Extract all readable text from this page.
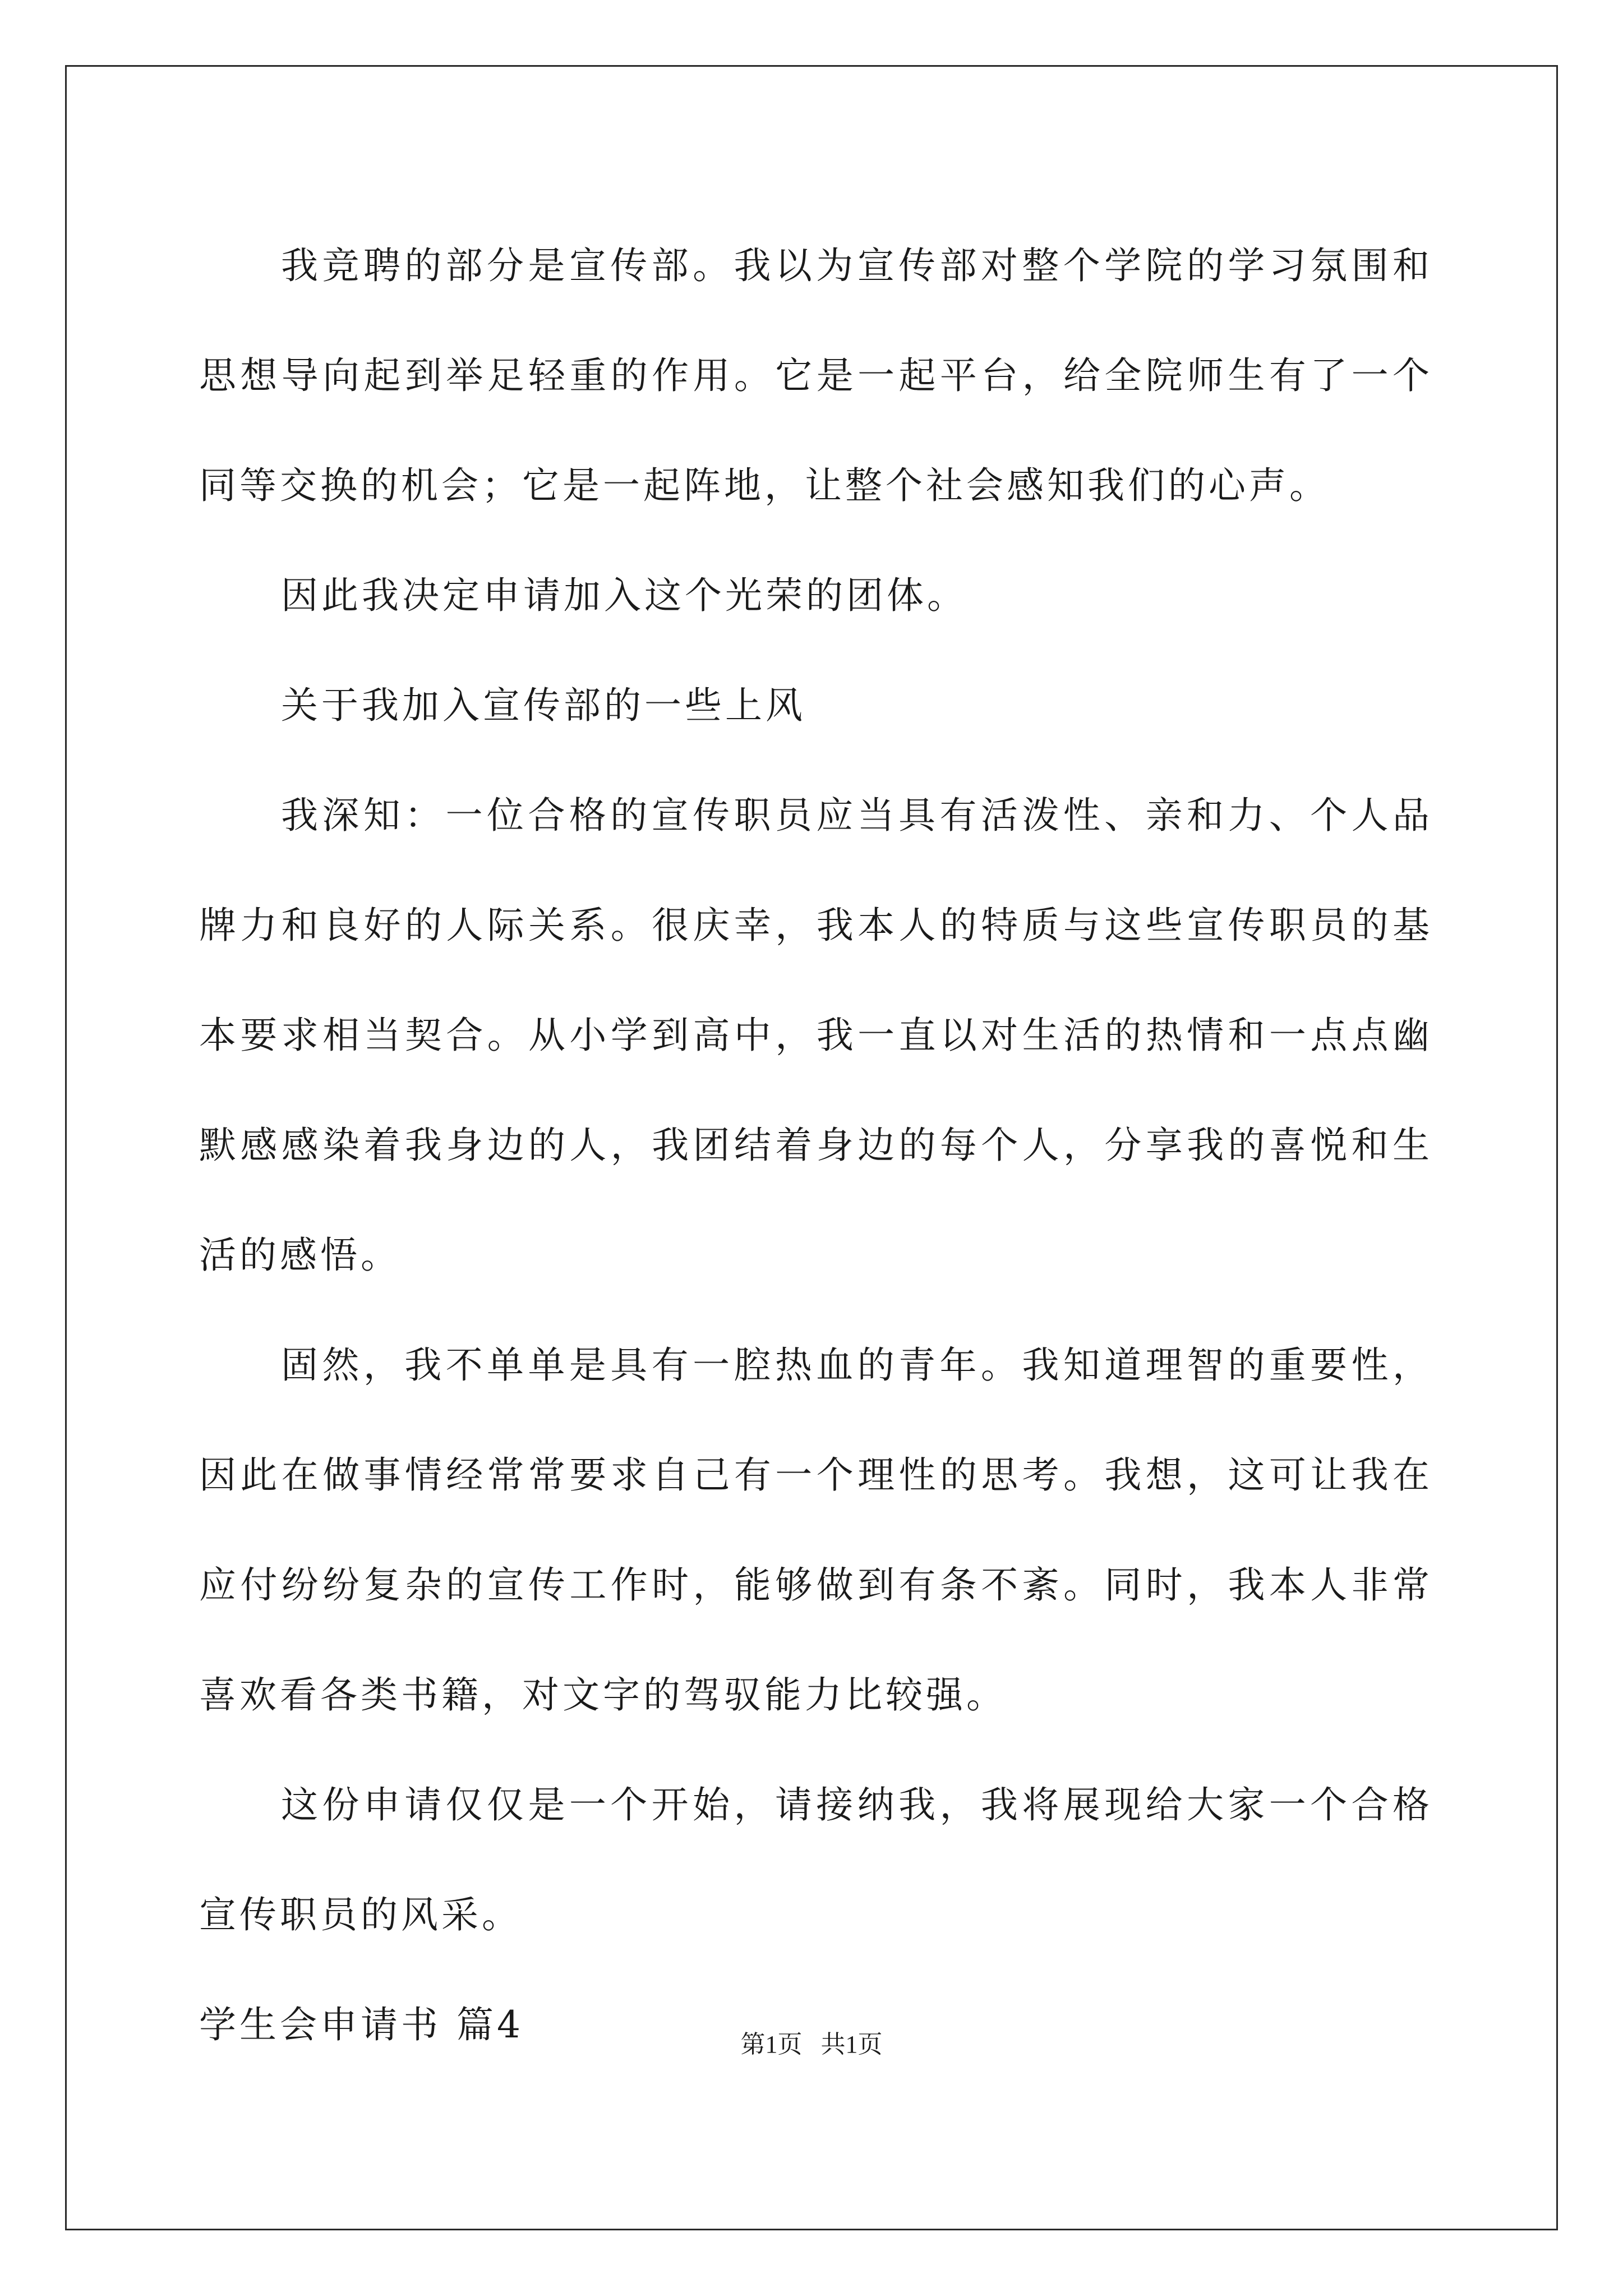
我竞聘的部分是宣传部。我以为宣传部对整个学院的学习氛围和思想导向起到举足轻重的作用。它是一起平台，给全院师生有了一个同等交换的机会；它是一起阵地，让整个社会感知我们的心声。

因此我决定申请加入这个光荣的团体。

关于我加入宣传部的一些上风

我深知：一位合格的宣传职员应当具有活泼性、亲和力、个人品牌力和良好的人际关系。很庆幸，我本人的特质与这些宣传职员的基本要求相当契合。从小学到高中，我一直以对生活的热情和一点点幽默感感染着我身边的人，我团结着身边的每个人，分享我的喜悦和生活的感悟。

固然，我不单单是具有一腔热血的青年。我知道理智的重要性，因此在做事情经常常要求自己有一个理性的思考。我想，这可让我在应付纷纷复杂的宣传工作时，能够做到有条不紊。同时，我本人非常喜欢看各类书籍，对文字的驾驭能力比较强。

这份申请仅仅是一个开始，请接纳我，我将展现给大家一个合格宣传职员的风采。

学生会申请书 篇4	第1页   共1页
